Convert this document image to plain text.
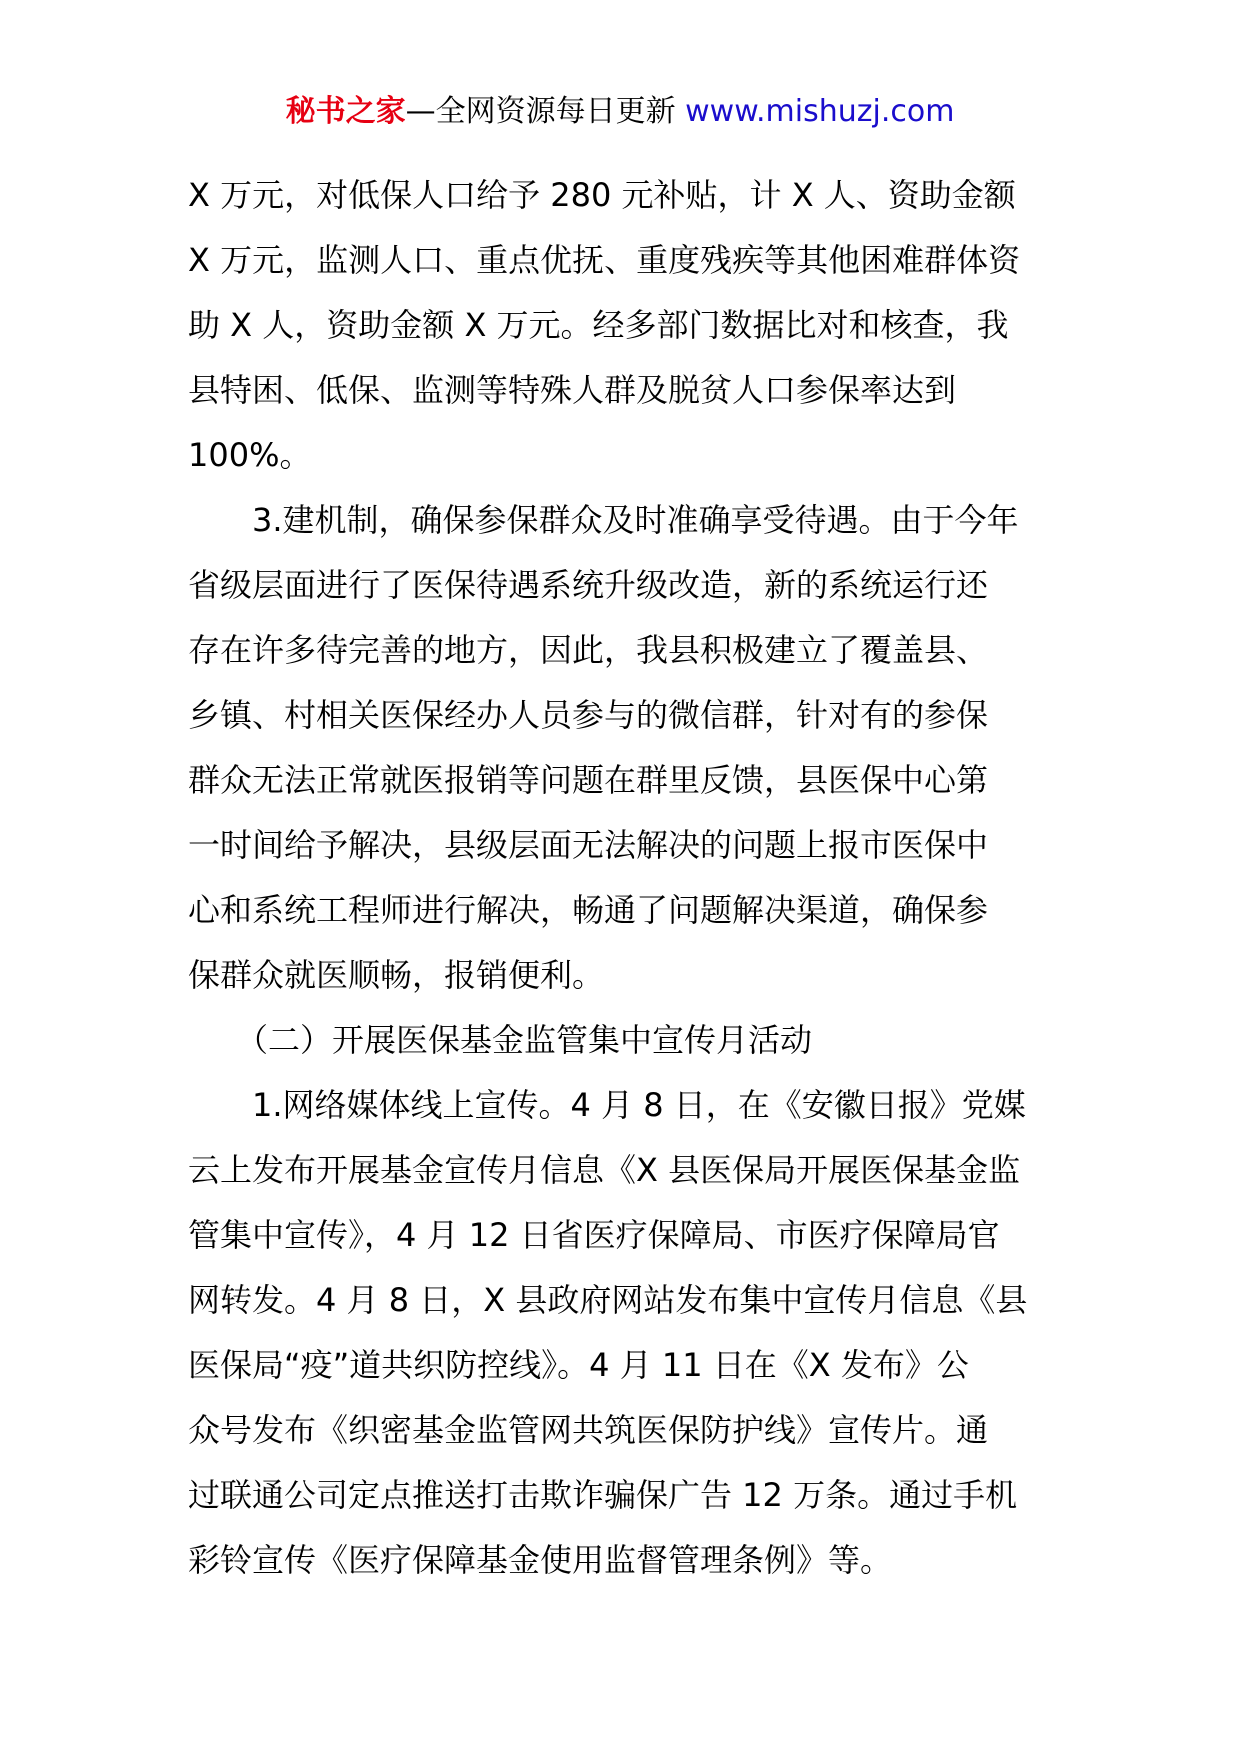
秘书之家—全网资源每日更新 www.mishuzj.com
X 万元，对低保人口给予 280 元补贴，计 X 人、资助金额
X 万元，监测人口、重点优抚、重度残疾等其他困难群体资
助 X 人，资助金额 X 万元。经多部门数据比对和核查，我
县特困、低保、监测等特殊人群及脱贫人口参保率达到
100%。
　　3.建机制，确保参保群众及时准确享受待遇。由于今年
省级层面进行了医保待遇系统升级改造，新的系统运行还
存在许多待完善的地方，因此，我县积极建立了覆盖县、
乡镇、村相关医保经办人员参与的微信群，针对有的参保
群众无法正常就医报销等问题在群里反馈，县医保中心第
一时间给予解决，县级层面无法解决的问题上报市医保中
心和系统工程师进行解决，畅通了问题解决渠道，确保参
保群众就医顺畅，报销便利。
　　（二）开展医保基金监管集中宣传月活动
　　1.网络媒体线上宣传。4 月 8 日，在《安徽日报》党媒
云上发布开展基金宣传月信息《X 县医保局开展医保基金监
管集中宣传》，4 月 12 日省医疗保障局、市医疗保障局官
网转发。4 月 8 日，X 县政府网站发布集中宣传月信息《县
医保局“疫”道共织防控线》。4 月 11 日在《X 发布》公
众号发布《织密基金监管网共筑医保防护线》宣传片。通
过联通公司定点推送打击欺诈骗保广告 12 万条。通过手机
彩铃宣传《医疗保障基金使用监督管理条例》等。
